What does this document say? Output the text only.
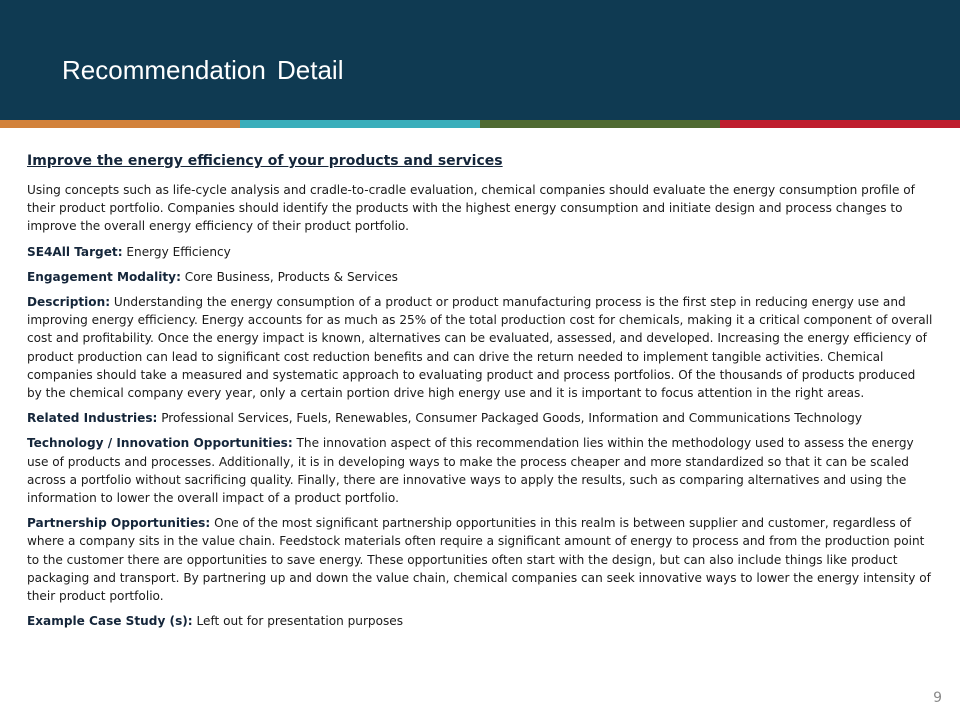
Recommendation Detail
Improve the energy efficiency of your products and services

Using concepts such as life-cycle analysis and cradle-to-cradle evaluation, chemical companies should evaluate the energy consumption profile of their product portfolio. Companies should identify the products with the highest energy consumption and initiate design and process changes to improve the overall energy efficiency of their product portfolio.

SE4All Target: Energy Efficiency

Engagement Modality: Core Business, Products & Services

Description: Understanding the energy consumption of a product or product manufacturing process is the first step in reducing energy use and improving energy efficiency. Energy accounts for as much as 25% of the total production cost for chemicals, making it a critical component of overall cost and profitability. Once the energy impact is known, alternatives can be evaluated, assessed, and developed. Increasing the energy efficiency of product production can lead to significant cost reduction benefits and can drive the return needed to implement tangible activities. Chemical companies should take a measured and systematic approach to evaluating product and process portfolios. Of the thousands of products produced by the chemical company every year, only a certain portion drive high energy use and it is important to focus attention in the right areas.

Related Industries: Professional Services, Fuels, Renewables, Consumer Packaged Goods, Information and Communications Technology

Technology / Innovation Opportunities: The innovation aspect of this recommendation lies within the methodology used to assess the energy use of products and processes. Additionally, it is in developing ways to make the process cheaper and more standardized so that it can be scaled across a portfolio without sacrificing quality. Finally, there are innovative ways to apply the results, such as comparing alternatives and using the information to lower the overall impact of a product portfolio.

Partnership Opportunities: One of the most significant partnership opportunities in this realm is between supplier and customer, regardless of where a company sits in the value chain. Feedstock materials often require a significant amount of energy to process and from the production point to the customer there are opportunities to save energy. These opportunities often start with the design, but can also include things like product packaging and transport. By partnering up and down the value chain, chemical companies can seek innovative ways to lower the energy intensity of their product portfolio.

Example Case Study (s): Left out for presentation purposes

9
